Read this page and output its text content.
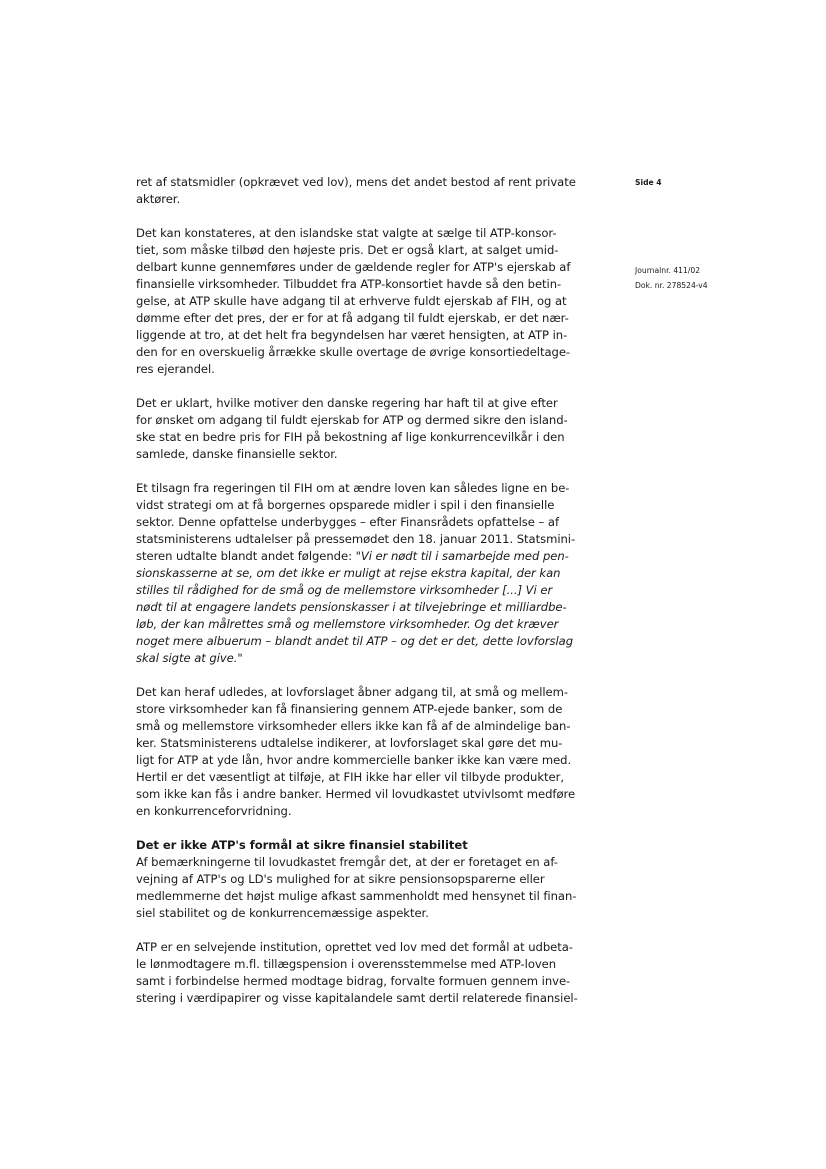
Side 4
Journalnr. 411/02
Dok. nr. 278524-v4
ret af statsmidler (opkrævet ved lov), mens det andet bestod af rent private
aktører.
Det kan konstateres, at den islandske stat valgte at sælge til ATP-konsor-
tiet, som måske tilbød den højeste pris. Det er også klart, at salget umid-
delbart kunne gennemføres under de gældende regler for ATP's ejerskab af
finansielle virksomheder. Tilbuddet fra ATP-konsortiet havde så den betin-
gelse, at ATP skulle have adgang til at erhverve fuldt ejerskab af FIH, og at
dømme efter det pres, der er for at få adgang til fuldt ejerskab, er det nær-
liggende at tro, at det helt fra begyndelsen har været hensigten, at ATP in-
den for en overskuelig årrække skulle overtage de øvrige konsortiedeltage-
res ejerandel.
Det er uklart, hvilke motiver den danske regering har haft til at give efter
for ønsket om adgang til fuldt ejerskab for ATP og dermed sikre den island-
ske stat en bedre pris for FIH på bekostning af lige konkurrencevilkår i den
samlede, danske finansielle sektor.
Et tilsagn fra regeringen til FIH om at ændre loven kan således ligne en be-
vidst strategi om at få borgernes opsparede midler i spil i den finansielle
sektor. Denne opfattelse underbygges – efter Finansrådets opfattelse – af
statsministerens udtalelser på pressemødet den 18. januar 2011. Statsmini-
steren udtalte blandt andet følgende: "Vi er nødt til i samarbejde med pen-
sionskasserne at se, om det ikke er muligt at rejse ekstra kapital, der kan
stilles til rådighed for de små og de mellemstore virksomheder [...] Vi er
nødt til at engagere landets pensionskasser i at tilvejebringe et milliardbe-
løb, der kan målrettes små og mellemstore virksomheder. Og det kræver
noget mere albuerum – blandt andet til ATP – og det er det, dette lovforslag
skal sigte at give."
Det kan heraf udledes, at lovforslaget åbner adgang til, at små og mellem-
store virksomheder kan få finansiering gennem ATP-ejede banker, som de
små og mellemstore virksomheder ellers ikke kan få af de almindelige ban-
ker. Statsministerens udtalelse indikerer, at lovforslaget skal gøre det mu-
ligt for ATP at yde lån, hvor andre kommercielle banker ikke kan være med.
Hertil er det væsentligt at tilføje, at FIH ikke har eller vil tilbyde produkter,
som ikke kan fås i andre banker. Hermed vil lovudkastet utvivlsomt medføre
en konkurrenceforvridning.
Det er ikke ATP's formål at sikre finansiel stabilitet
Af bemærkningerne til lovudkastet fremgår det, at der er foretaget en af-
vejning af ATP's og LD's mulighed for at sikre pensionsopsparerne eller
medlemmerne det højst mulige afkast sammenholdt med hensynet til finan-
siel stabilitet og de konkurrencemæssige aspekter.
ATP er en selvejende institution, oprettet ved lov med det formål at udbeta-
le lønmodtagere m.fl. tillægspension i overensstemmelse med ATP-loven
samt i forbindelse hermed modtage bidrag, forvalte formuen gennem inve-
stering i værdipapirer og visse kapitalandele samt dertil relaterede finansiel-
